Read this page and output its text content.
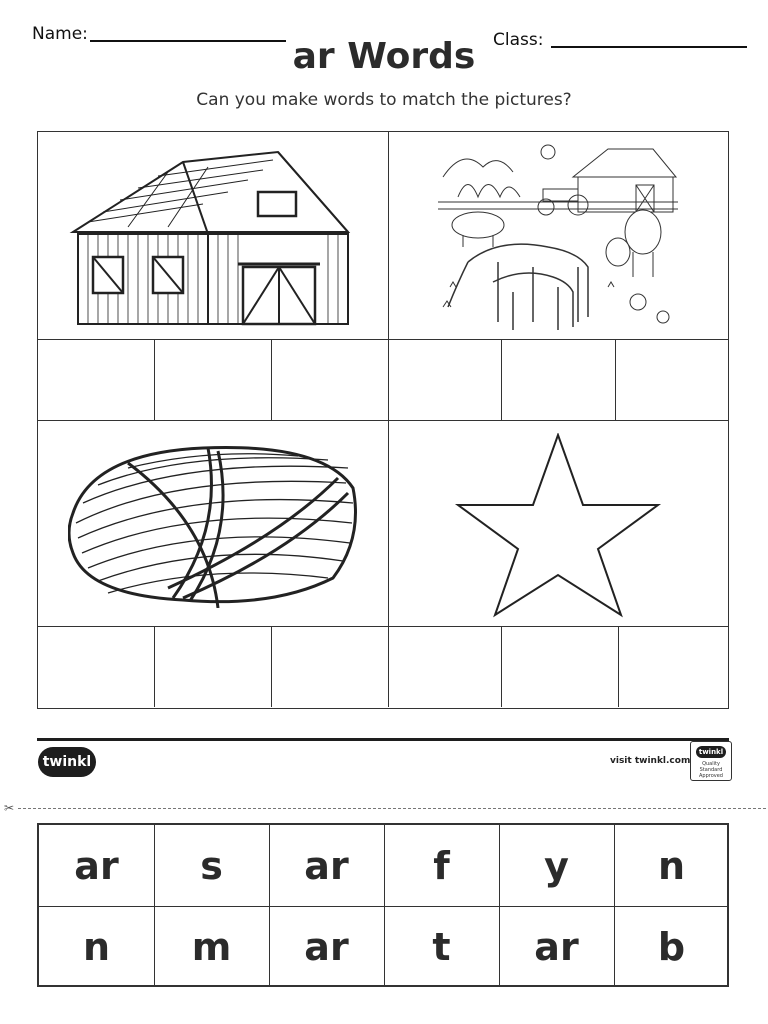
Name:	Class:
ar Words
Can you make words to match the pictures?
twinkl	visit twinkl.com
twinkl
Quality Standard Approved
✂
ar	s	ar	f	y	n
n	m	ar	t	ar	b
